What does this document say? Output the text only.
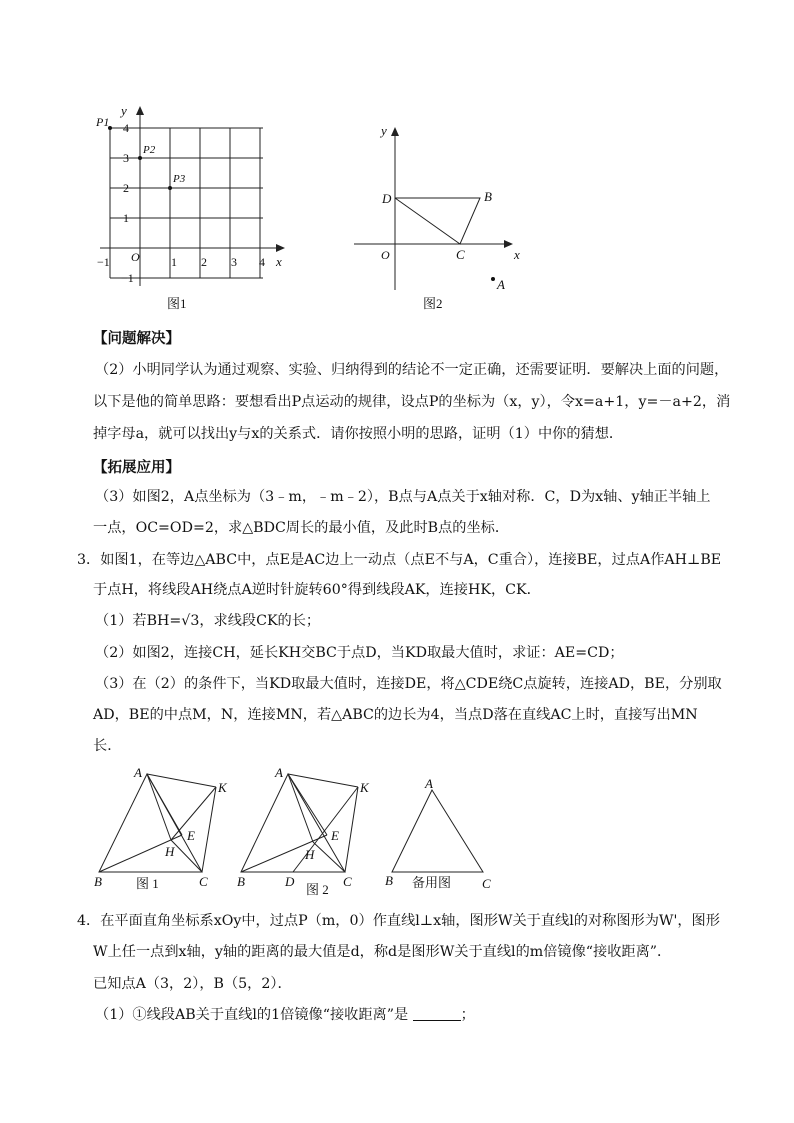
y
x
O
−1	1 2 3 4
4
3
2
1
−1
P1
P2
P3
图1
y
x
O
D	B
C
A
图2
【问题解决】
（2）小明同学认为通过观察、实验、归纳得到的结论不一定正确，还需要证明．要解决上面的问题，
以下是他的简单思路：要想看出P点运动的规律，设点P的坐标为（x，y），令x=a+1，y=－a+2，消
掉字母a，就可以找出y与x的关系式．请你按照小明的思路，证明（1）中你的猜想．
【拓展应用】
（3）如图2，A点坐标为（3﹣m，﹣m﹣2），B点与A点关于x轴对称．C，D为x轴、y轴正半轴上
一点，OC=OD=2，求△BDC周长的最小值，及此时B点的坐标．
3．如图1，在等边△ABC中，点E是AC边上一动点（点E不与A，C重合），连接BE，过点A作AH⊥BE
于点H，将线段AH绕点A逆时针旋转60°得到线段AK，连接HK，CK．
（1）若BH=√3，求线段CK的长；
（2）如图2，连接CH，延长KH交BC于点D，当KD取最大值时，求证：AE=CD；
（3）在（2）的条件下，当KD取最大值时，连接DE，将△CDE绕C点旋转，连接AD，BE，分别取
AD，BE的中点M，N，连接MN，若△ABC的边长为4，当点D落在直线AC上时，直接写出MN
长．
A
K
E
H
B	C
图 1
A
K
E
H
B	D	C
图 2
A
B	C
备用图
4．在平面直角坐标系xOy中，过点P（m，0）作直线l⊥x轴，图形W关于直线l的对称图形为W'，图形
W上任一点到x轴，y轴的距离的最大值是d，称d是图形W关于直线l的m倍镜像“接收距离”．
已知点A（3，2），B（5，2）．
（1）①线段AB关于直线l的1倍镜像“接收距离”是	；
